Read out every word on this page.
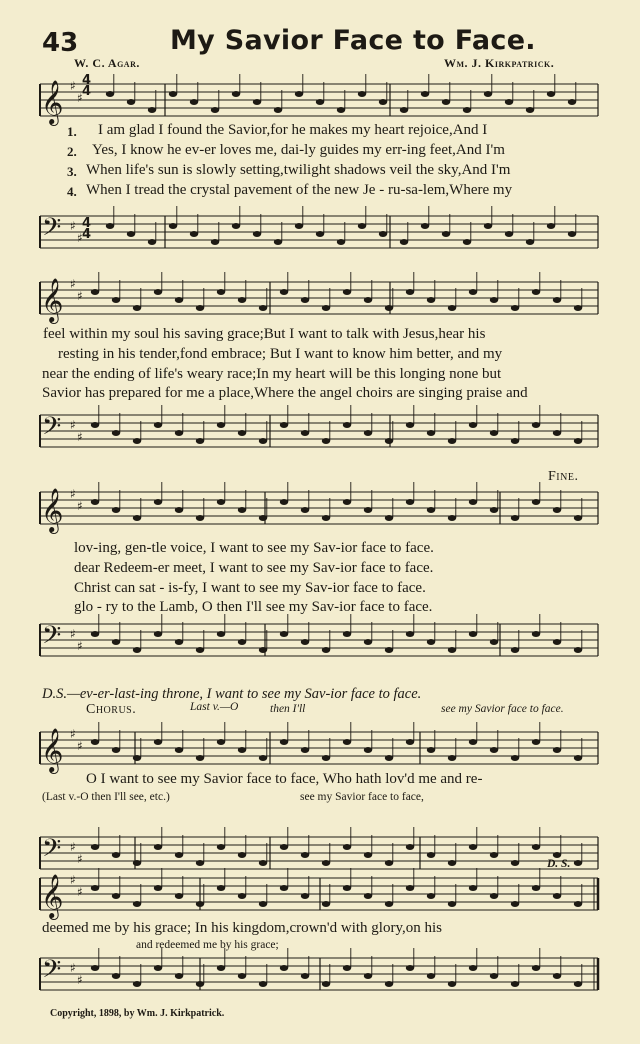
43	My Savior Face to Face.
W. C. Agar.	Wm. J. Kirkpatrick.
𝄞 ♯
♯
𝄢 ♯
♯
𝄞 ♯
♯
𝄢 ♯
♯
𝄞 ♯
♯
𝄢 ♯
♯
𝄞 ♯
♯
𝄢 ♯
♯
𝄞 ♯
♯
𝄢 ♯
♯
4
4
4
4
1.
2.
3.
4.
I am glad I found the Savior,for he makes my heart rejoice,And I
Yes, I know he ev-er loves me, dai-ly guides my err-ing feet,And I'm
When life's sun is slowly setting,twilight shadows veil the sky,And I'm
When I tread the crystal pavement of the new Je - ru-sa-lem,Where my
feel within my soul his saving grace;But I want to talk with Jesus,hear his
resting in his tender,fond embrace; But I want to know him better, and my
near the ending of life's weary race;In my heart will be this longing none but
Savior has prepared for me a place,Where the angel choirs are singing praise and
Fine.
lov-ing, gen-tle voice, I want to see my Sav-ior face to face.
dear Redeem-er meet, I want to see my Sav-ior face to face.
Christ can sat - is-fy, I want to see my Sav-ior face to face.
glo - ry to the Lamb, O then I'll see my Sav-ior face to face.
D.S.—ev-er-last-ing throne, I want to see my Sav-ior face to face.
Chorus.	Last v.—O	then I'll	see my Savior face to face.
O I want to see my Savior face to face, Who hath lov'd me and re-
(Last v.-O then I'll see, etc.)	see my Savior face to face,
D. S.
deemed me by his grace; In his kingdom,crown'd with glory,on his
and redeemed me by his grace;
Copyright, 1898, by Wm. J. Kirkpatrick.
